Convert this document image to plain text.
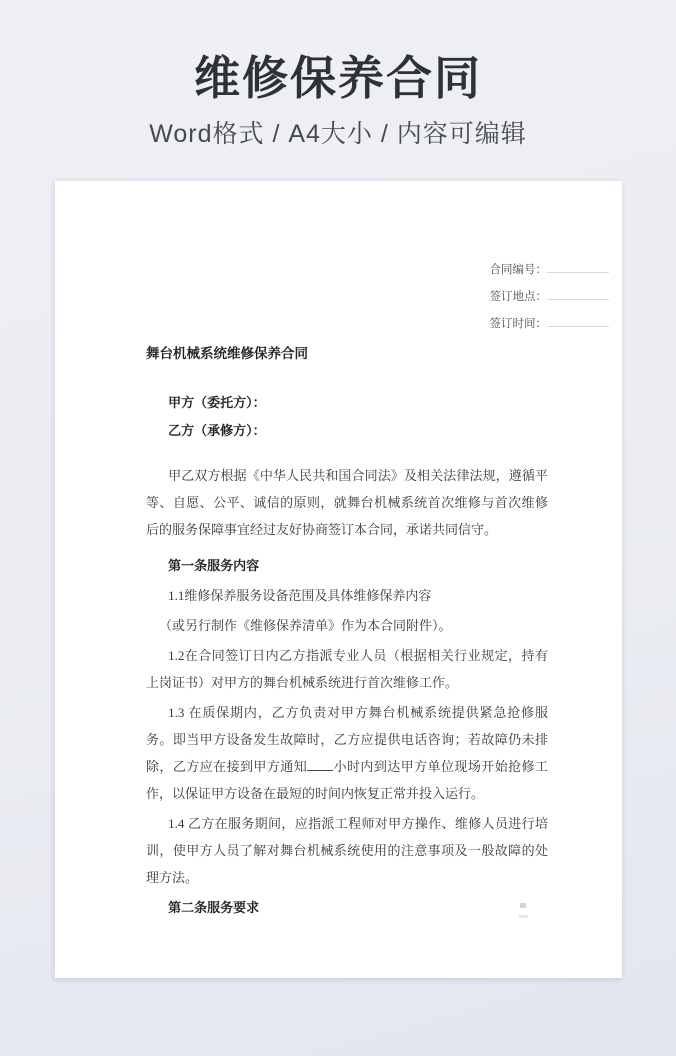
维修保养合同
Word格式 / A4大小 / 内容可编辑
合同编号：
签订地点：
签订时间：

舞台机械系统维修保养合同

甲方（委托方）：

乙方（承修方）：

甲乙双方根据《中华人民共和国合同法》及相关法律法规，遵循平等、自愿、公平、诚信的原则，就舞台机械系统首次维修与首次维修后的服务保障事宜经过友好协商签订本合同，承诺共同信守。

第一条服务内容

1.1维修保养服务设备范围及具体维修保养内容

（或另行制作《维修保养清单》作为本合同附件）。

1.2在合同签订日内乙方指派专业人员（根据相关行业规定，持有上岗证书）对甲方的舞台机械系统进行首次维修工作。

1.3 在质保期内，乙方负责对甲方舞台机械系统提供紧急抢修服务。即当甲方设备发生故障时，乙方应提供电话咨询；若故障仍未排除，乙方应在接到甲方通知 小时内到达甲方单位现场开始抢修工作，以保证甲方设备在最短的时间内恢复正常并投入运行。

1.4 乙方在服务期间，应指派工程师对甲方操作、维修人员进行培训，使甲方人员了解对舞台机械系统使用的注意事项及一般故障的处理方法。

第二条服务要求
